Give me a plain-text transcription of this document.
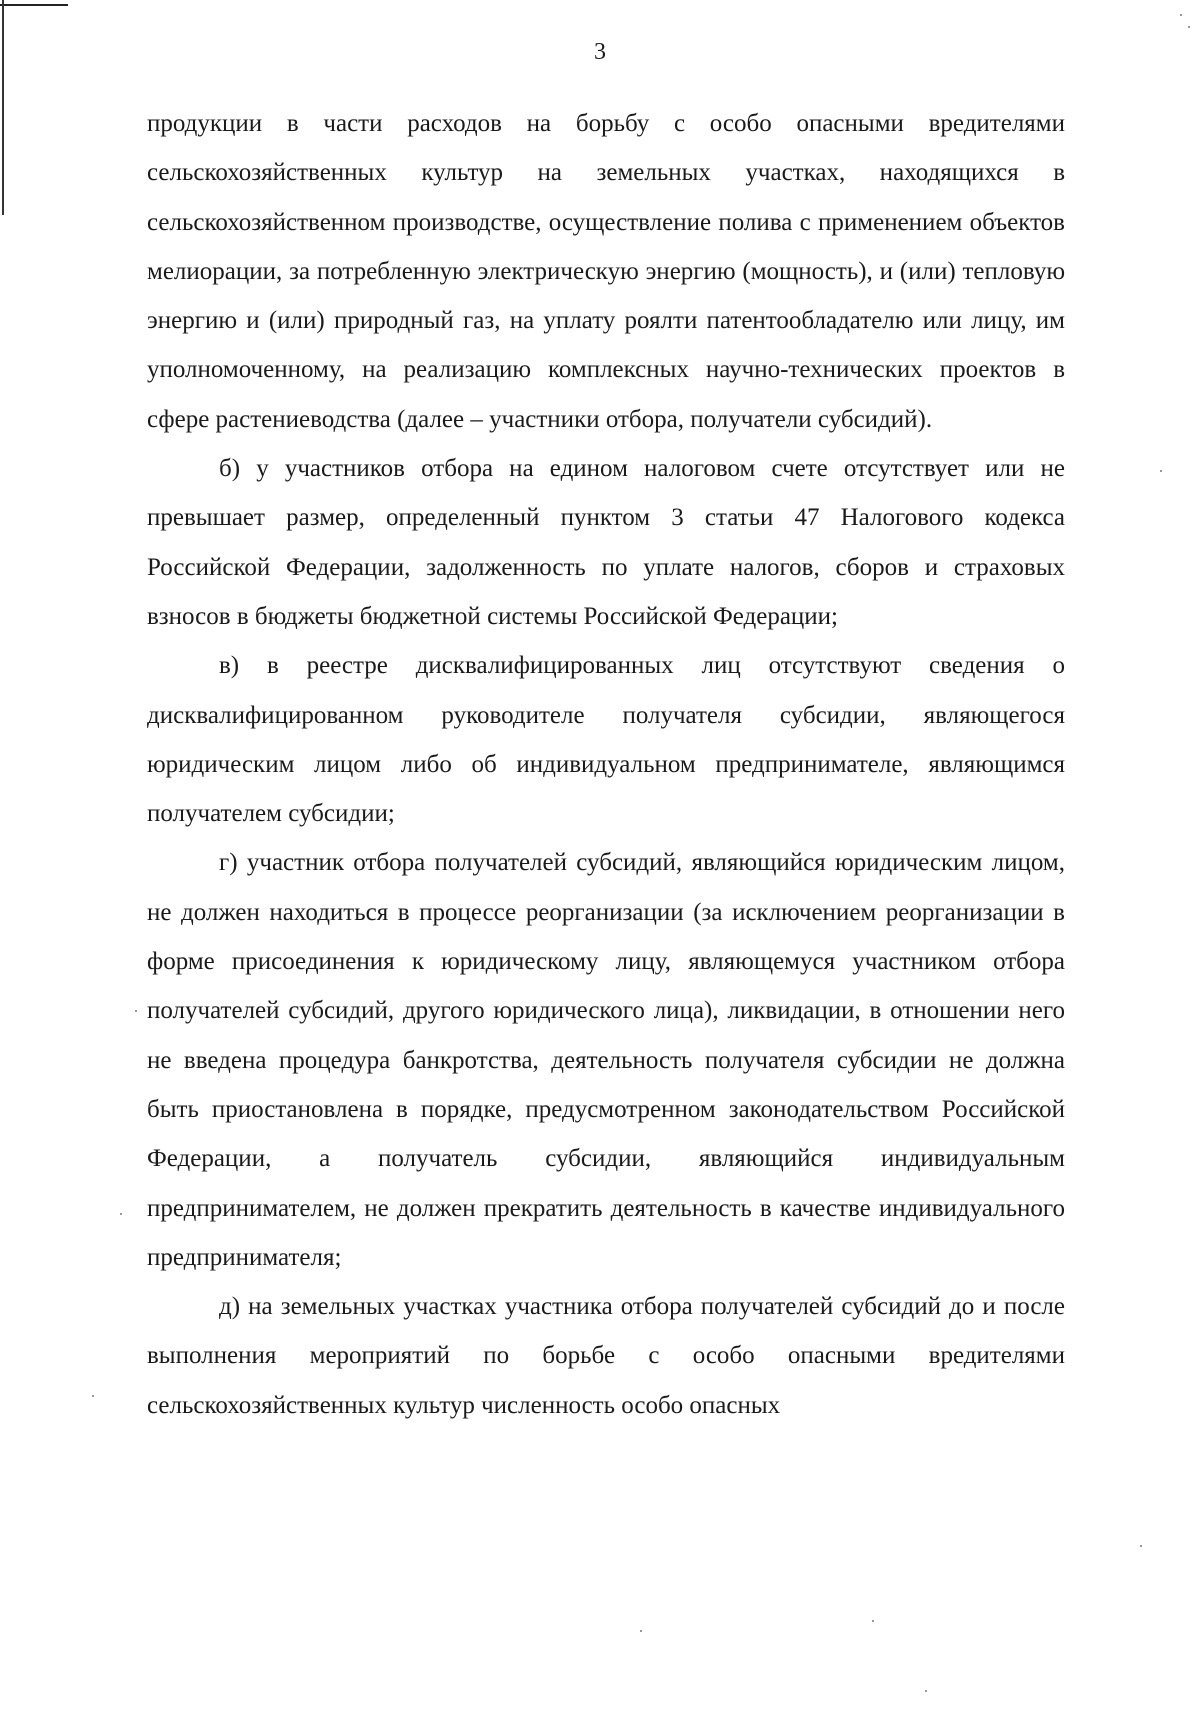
3

продукции в части расходов на борьбу с особо опасными вредителями сельскохозяйственных культур на земельных участках, находящихся в сельскохозяйственном производстве, осуществление полива с применением объектов мелиорации, за потребленную электрическую энергию (мощность), и (или) тепловую энергию и (или) природный газ, на уплату роялти патентообладателю или лицу, им уполномоченному, на реализацию комплексных научно-технических проектов в сфере растениеводства (далее – участники отбора, получатели субсидий).

б) у участников отбора на едином налоговом счете отсутствует или не превышает размер, определенный пунктом 3 статьи 47 Налогового кодекса Российской Федерации, задолженность по уплате налогов, сборов и страховых взносов в бюджеты бюджетной системы Российской Федерации;

в) в реестре дисквалифицированных лиц отсутствуют сведения о дисквалифицированном руководителе получателя субсидии, являющегося юридическим лицом либо об индивидуальном предпринимателе, являющимся получателем субсидии;

г) участник отбора получателей субсидий, являющийся юридическим лицом, не должен находиться в процессе реорганизации (за исключением реорганизации в форме присоединения к юридическому лицу, являющемуся участником отбора получателей субсидий, другого юридического лица), ликвидации, в отношении него не введена процедура банкротства, деятельность получателя субсидии не должна быть приостановлена в порядке, предусмотренном законодательством Российской Федерации, а получатель субсидии, являющийся индивидуальным предпринимателем, не должен прекратить деятельность в качестве индивидуального предпринимателя;

д) на земельных участках участника отбора получателей субсидий до и после выполнения мероприятий по борьбе с особо опасными вредителями сельскохозяйственных культур численность особо опасных
